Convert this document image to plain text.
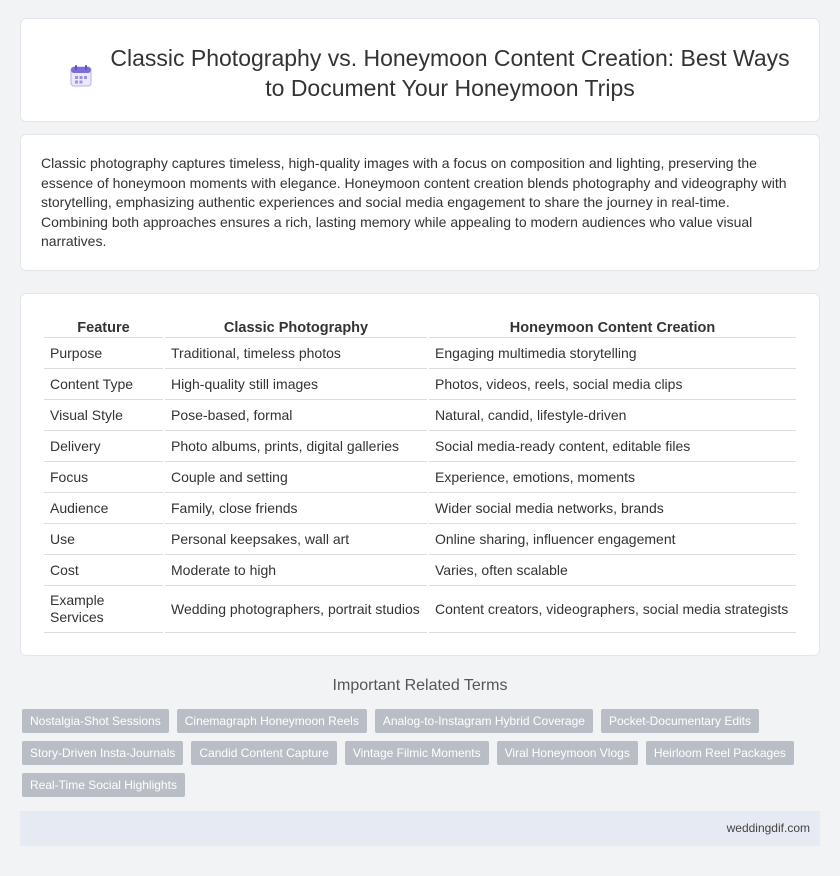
Classic Photography vs. Honeymoon Content Creation: Best Ways to Document Your Honeymoon Trips

Classic photography captures timeless, high-quality images with a focus on composition and lighting, preserving the essence of honeymoon moments with elegance. Honeymoon content creation blends photography and videography with storytelling, emphasizing authentic experiences and social media engagement to share the journey in real-time. Combining both approaches ensures a rich, lasting memory while appealing to modern audiences who value visual narratives.

Feature	Classic Photography	Honeymoon Content Creation
Purpose	Traditional, timeless photos	Engaging multimedia storytelling
Content Type	High-quality still images	Photos, videos, reels, social media clips
Visual Style	Pose-based, formal	Natural, candid, lifestyle-driven
Delivery	Photo albums, prints, digital galleries	Social media-ready content, editable files
Focus	Couple and setting	Experience, emotions, moments
Audience	Family, close friends	Wider social media networks, brands
Use	Personal keepsakes, wall art	Online sharing, influencer engagement
Cost	Moderate to high	Varies, often scalable
Example Services	Wedding photographers, portrait studios	Content creators, videographers, social media strategists
Important Related Terms
Nostalgia-Shot Sessions	Cinemagraph Honeymoon Reels	Analog-to-Instagram Hybrid Coverage	Pocket-Documentary Edits
Story-Driven Insta-Journals	Candid Content Capture	Vintage Filmic Moments	Viral Honeymoon Vlogs	Heirloom Reel Packages
Real-Time Social Highlights
weddingdif.com
